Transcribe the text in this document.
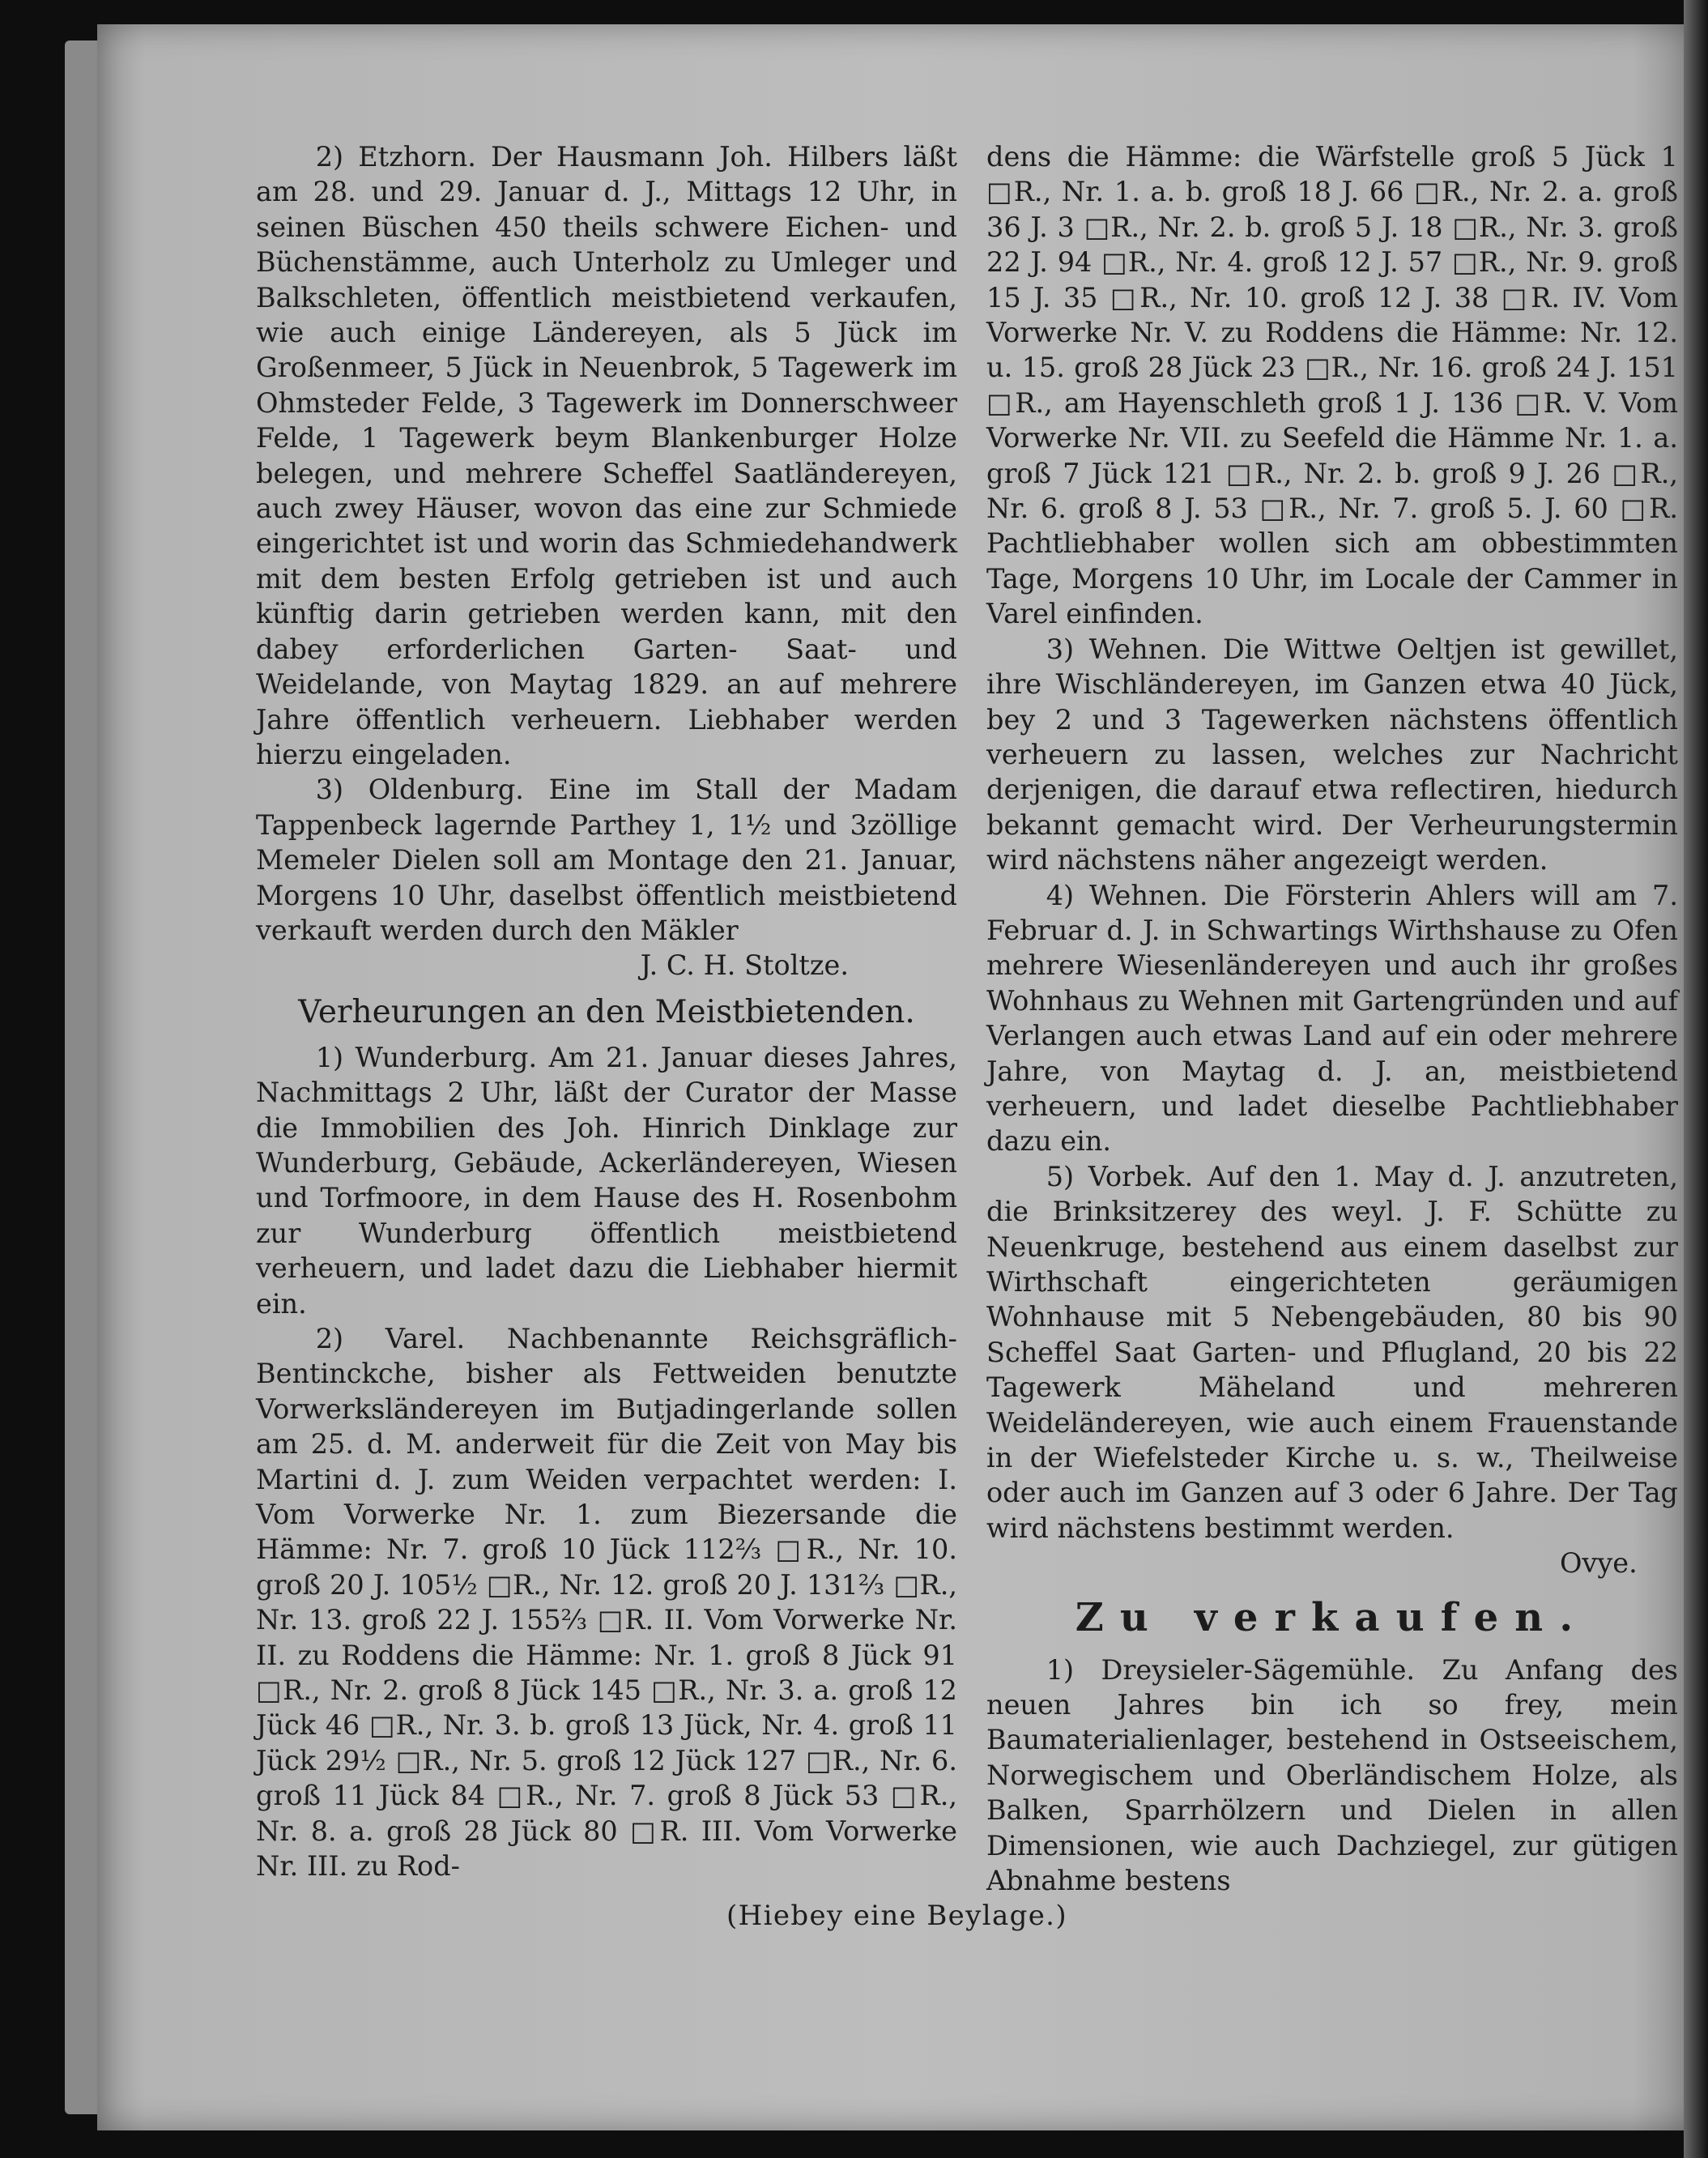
2) Etzhorn. Der Hausmann Joh. Hilbers läßt am 28. und 29. Januar d. J., Mittags 12 Uhr, in seinen Büschen 450 theils schwere Eichen- und Büchenstämme, auch Unterholz zu Umleger und Balkschleten, öffentlich meistbietend verkaufen, wie auch einige Ländereyen, als 5 Jück im Großenmeer, 5 Jück in Neuenbrok, 5 Tagewerk im Ohmsteder Felde, 3 Tagewerk im Donnerschweer Felde, 1 Tagewerk beym Blankenburger Holze belegen, und mehrere Scheffel Saatländereyen, auch zwey Häuser, wovon das eine zur Schmiede eingerichtet ist und worin das Schmiedehandwerk mit dem besten Erfolg getrieben ist und auch künftig darin getrieben werden kann, mit den dabey erforderlichen Garten- Saat- und Weidelande, von Maytag 1829. an auf mehrere Jahre öffentlich verheuern. Liebhaber werden hierzu eingeladen.

3) Oldenburg. Eine im Stall der Madam Tappenbeck lagernde Parthey 1, 1½ und 3zöllige Memeler Dielen soll am Montage den 21. Januar, Morgens 10 Uhr, daselbst öffentlich meistbietend verkauft werden durch den Mäkler

J. C. H. Stoltze.

Verheurungen an den Meistbietenden.

1) Wunderburg. Am 21. Januar dieses Jahres, Nachmittags 2 Uhr, läßt der Curator der Masse die Immobilien des Joh. Hinrich Dinklage zur Wunderburg, Gebäude, Ackerländereyen, Wiesen und Torfmoore, in dem Hause des H. Rosenbohm zur Wunderburg öffentlich meistbietend verheuern, und ladet dazu die Liebhaber hiermit ein.

2) Varel. Nachbenannte Reichsgräflich-Bentinckche, bisher als Fettweiden benutzte Vorwerksländereyen im Butjadingerlande sollen am 25. d. M. anderweit für die Zeit von May bis Martini d. J. zum Weiden verpachtet werden: I. Vom Vorwerke Nr. 1. zum Biezersande die Hämme: Nr. 7. groß 10 Jück 112⅔ □R., Nr. 10. groß 20 J. 105½ □R., Nr. 12. groß 20 J. 131⅔ □R., Nr. 13. groß 22 J. 155⅔ □R. II. Vom Vorwerke Nr. II. zu Roddens die Hämme: Nr. 1. groß 8 Jück 91 □R., Nr. 2. groß 8 Jück 145 □R., Nr. 3. a. groß 12 Jück 46 □R., Nr. 3. b. groß 13 Jück, Nr. 4. groß 11 Jück 29½ □R., Nr. 5. groß 12 Jück 127 □R., Nr. 6. groß 11 Jück 84 □R., Nr. 7. groß 8 Jück 53 □R., Nr. 8. a. groß 28 Jück 80 □R. III. Vom Vorwerke Nr. III. zu Rod-

dens die Hämme: die Wärfstelle groß 5 Jück 1 □R., Nr. 1. a. b. groß 18 J. 66 □R., Nr. 2. a. groß 36 J. 3 □R., Nr. 2. b. groß 5 J. 18 □R., Nr. 3. groß 22 J. 94 □R., Nr. 4. groß 12 J. 57 □R., Nr. 9. groß 15 J. 35 □R., Nr. 10. groß 12 J. 38 □R. IV. Vom Vorwerke Nr. V. zu Roddens die Hämme: Nr. 12. u. 15. groß 28 Jück 23 □R., Nr. 16. groß 24 J. 151 □R., am Hayenschleth groß 1 J. 136 □R. V. Vom Vorwerke Nr. VII. zu Seefeld die Hämme Nr. 1. a. groß 7 Jück 121 □R., Nr. 2. b. groß 9 J. 26 □R., Nr. 6. groß 8 J. 53 □R., Nr. 7. groß 5. J. 60 □R. Pachtliebhaber wollen sich am obbestimmten Tage, Morgens 10 Uhr, im Locale der Cammer in Varel einfinden.

3) Wehnen. Die Wittwe Oeltjen ist gewillet, ihre Wischländereyen, im Ganzen etwa 40 Jück, bey 2 und 3 Tagewerken nächstens öffentlich verheuern zu lassen, welches zur Nachricht derjenigen, die darauf etwa reflectiren, hiedurch bekannt gemacht wird. Der Verheurungstermin wird nächstens näher angezeigt werden.

4) Wehnen. Die Försterin Ahlers will am 7. Februar d. J. in Schwartings Wirthshause zu Ofen mehrere Wiesenländereyen und auch ihr großes Wohnhaus zu Wehnen mit Gartengründen und auf Verlangen auch etwas Land auf ein oder mehrere Jahre, von Maytag d. J. an, meistbietend verheuern, und ladet dieselbe Pachtliebhaber dazu ein.

5) Vorbek. Auf den 1. May d. J. anzutreten, die Brinksitzerey des weyl. J. F. Schütte zu Neuenkruge, bestehend aus einem daselbst zur Wirthschaft eingerichteten geräumigen Wohnhause mit 5 Nebengebäuden, 80 bis 90 Scheffel Saat Garten- und Pflugland, 20 bis 22 Tagewerk Mäheland und mehreren Weideländereyen, wie auch einem Frauenstande in der Wiefelsteder Kirche u. s. w., Theilweise oder auch im Ganzen auf 3 oder 6 Jahre. Der Tag wird nächstens bestimmt werden.

Ovye.

Zu verkaufen.

1) Dreysieler-Sägemühle. Zu Anfang des neuen Jahres bin ich so frey, mein Baumaterialienlager, bestehend in Ostseeischem, Norwegischem und Oberländischem Holze, als Balken, Sparrhölzern und Dielen in allen Dimensionen, wie auch Dachziegel, zur gütigen Abnahme bestens

(Hiebey eine Beylage.)
